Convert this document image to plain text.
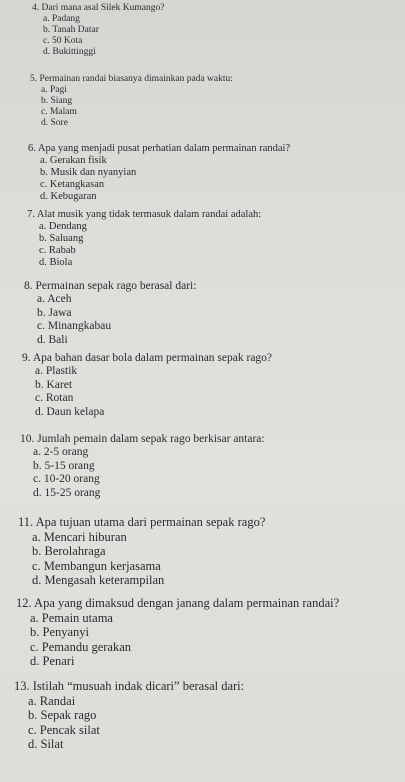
4. Dari mana asal Silek Kumango?
a. Padang
b. Tanah Datar
c. 50 Kota
d. Bukittinggi
5. Permainan randai biasanya dimainkan pada waktu:
a. Pagi
b. Siang
c. Malam
d. Sore
6. Apa yang menjadi pusat perhatian dalam permainan randai?
a. Gerakan fisik
b. Musik dan nyanyian
c. Ketangkasan
d. Kebugaran
7. Alat musik yang tidak termasuk dalam randai adalah:
a. Dendang
b. Saluang
c. Rabab
d. Biola
8. Permainan sepak rago berasal dari:
a. Aceh
b. Jawa
c. Minangkabau
d. Bali
9. Apa bahan dasar bola dalam permainan sepak rago?
a. Plastik
b. Karet
c. Rotan
d. Daun kelapa
10. Jumlah pemain dalam sepak rago berkisar antara:
a. 2-5 orang
b. 5-15 orang
c. 10-20 orang
d. 15-25 orang
11. Apa tujuan utama dari permainan sepak rago?
a. Mencari hiburan
b. Berolahraga
c. Membangun kerjasama
d. Mengasah keterampilan
12. Apa yang dimaksud dengan janang dalam permainan randai?
a. Pemain utama
b. Penyanyi
c. Pemandu gerakan
d. Penari
13. Istilah “musuah indak dicari” berasal dari:
a. Randai
b. Sepak rago
c. Pencak silat
d. Silat
